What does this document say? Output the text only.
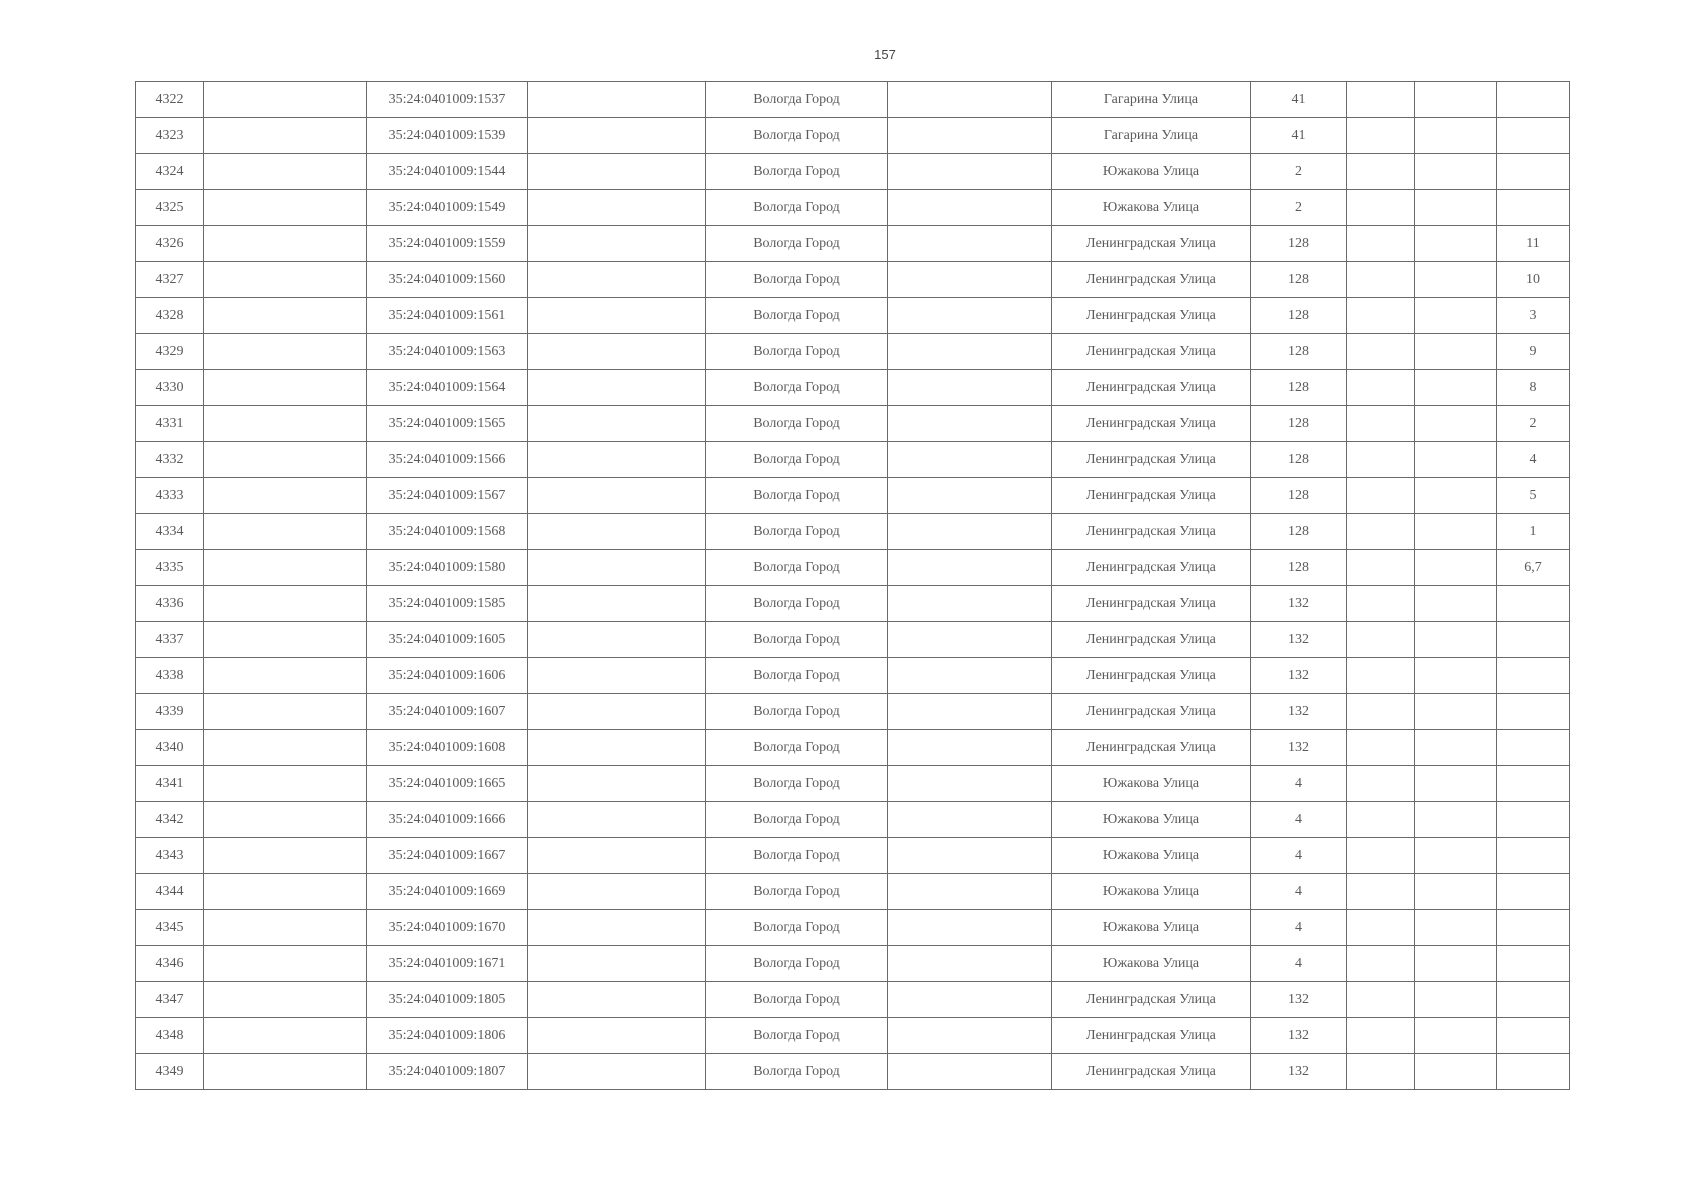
157
4322		35:24:0401009:1537		Вологда Город		Гагарина Улица	41			
4323		35:24:0401009:1539		Вологда Город		Гагарина Улица	41			
4324		35:24:0401009:1544		Вологда Город		Южакова Улица	2			
4325		35:24:0401009:1549		Вологда Город		Южакова Улица	2			
4326		35:24:0401009:1559		Вологда Город		Ленинградская Улица	128			11
4327		35:24:0401009:1560		Вологда Город		Ленинградская Улица	128			10
4328		35:24:0401009:1561		Вологда Город		Ленинградская Улица	128			3
4329		35:24:0401009:1563		Вологда Город		Ленинградская Улица	128			9
4330		35:24:0401009:1564		Вологда Город		Ленинградская Улица	128			8
4331		35:24:0401009:1565		Вологда Город		Ленинградская Улица	128			2
4332		35:24:0401009:1566		Вологда Город		Ленинградская Улица	128			4
4333		35:24:0401009:1567		Вологда Город		Ленинградская Улица	128			5
4334		35:24:0401009:1568		Вологда Город		Ленинградская Улица	128			1
4335		35:24:0401009:1580		Вологда Город		Ленинградская Улица	128			6,7
4336		35:24:0401009:1585		Вологда Город		Ленинградская Улица	132			
4337		35:24:0401009:1605		Вологда Город		Ленинградская Улица	132			
4338		35:24:0401009:1606		Вологда Город		Ленинградская Улица	132			
4339		35:24:0401009:1607		Вологда Город		Ленинградская Улица	132			
4340		35:24:0401009:1608		Вологда Город		Ленинградская Улица	132			
4341		35:24:0401009:1665		Вологда Город		Южакова Улица	4			
4342		35:24:0401009:1666		Вологда Город		Южакова Улица	4			
4343		35:24:0401009:1667		Вологда Город		Южакова Улица	4			
4344		35:24:0401009:1669		Вологда Город		Южакова Улица	4			
4345		35:24:0401009:1670		Вологда Город		Южакова Улица	4			
4346		35:24:0401009:1671		Вологда Город		Южакова Улица	4			
4347		35:24:0401009:1805		Вологда Город		Ленинградская Улица	132			
4348		35:24:0401009:1806		Вологда Город		Ленинградская Улица	132			
4349		35:24:0401009:1807		Вологда Город		Ленинградская Улица	132			
